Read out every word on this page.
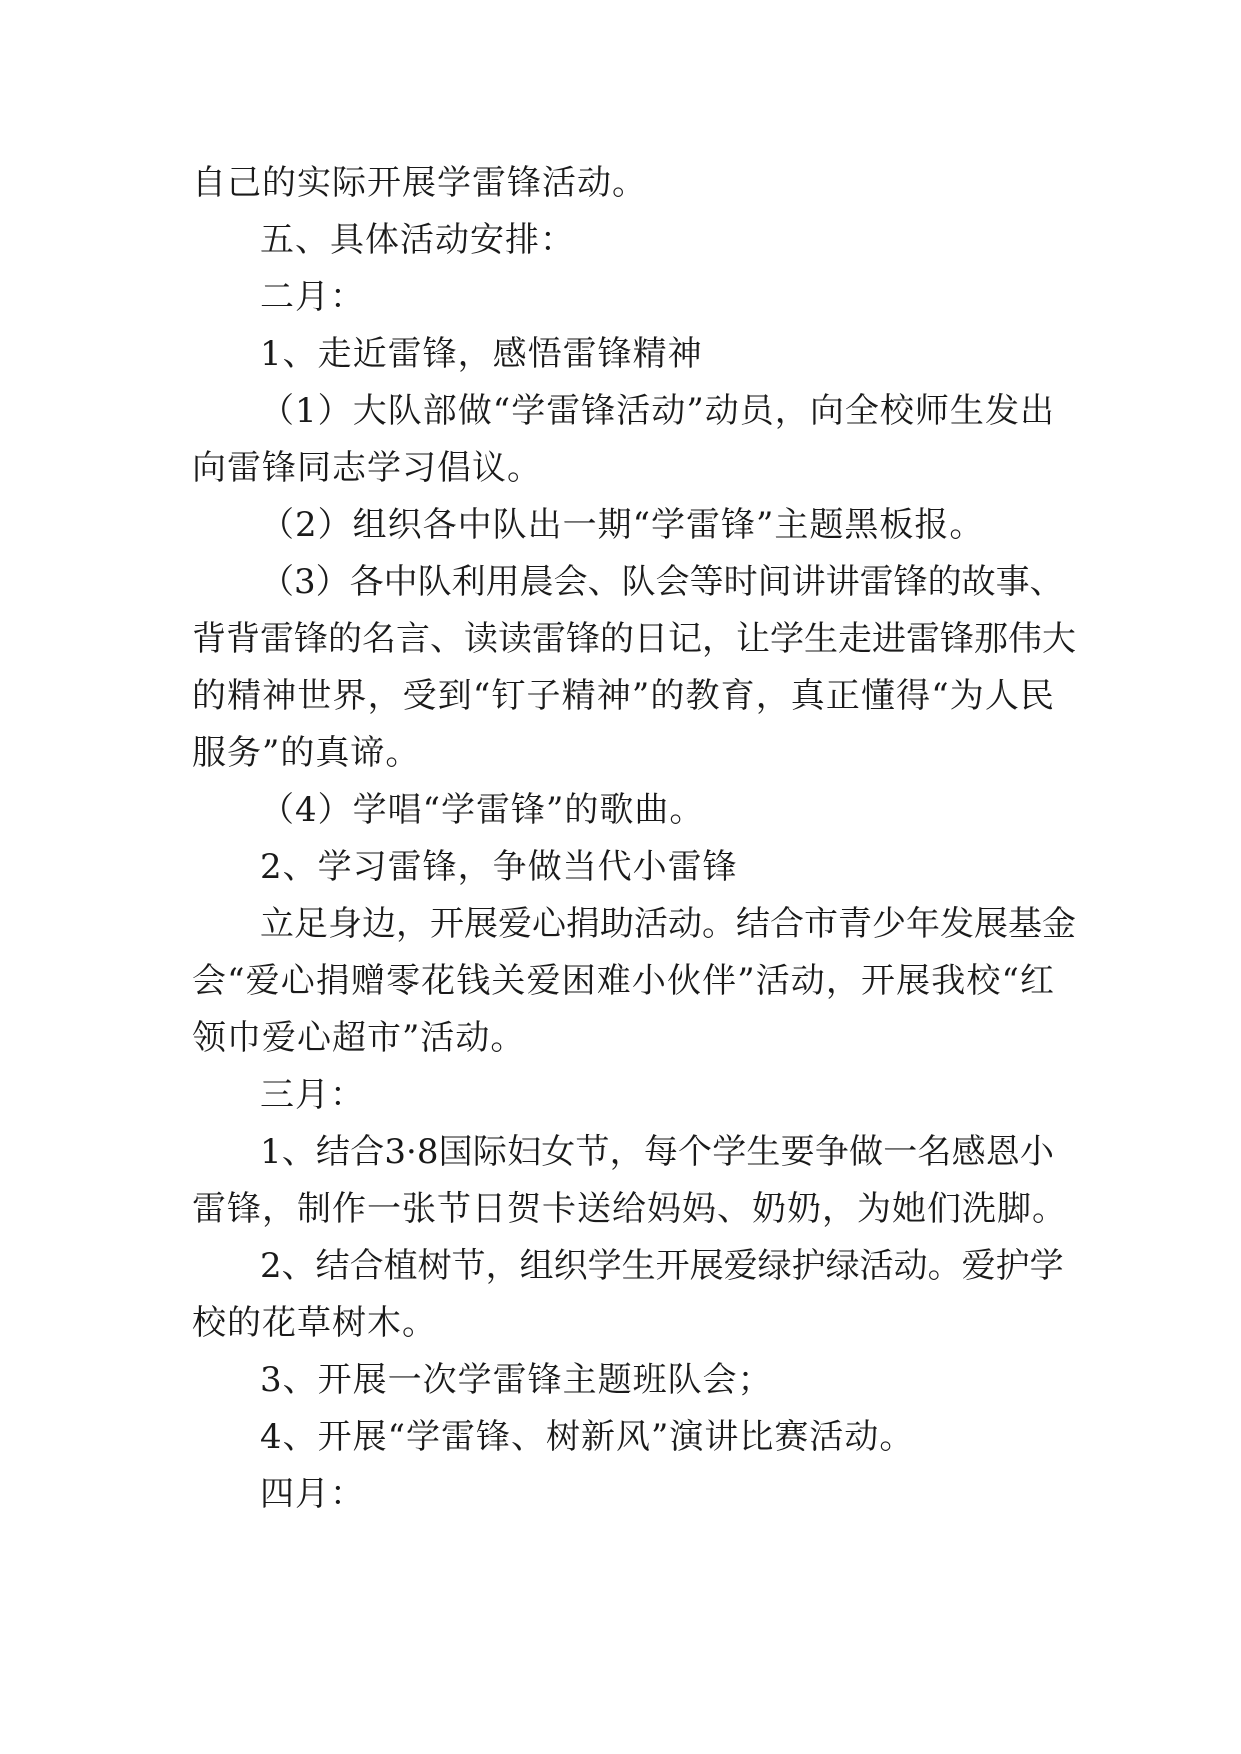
自己的实际开展学雷锋活动。
五、具体活动安排：
二月：
1、走近雷锋，感悟雷锋精神
（1）大队部做“学雷锋活动”动员，向全校师生发出
向雷锋同志学习倡议。
（2）组织各中队出一期“学雷锋”主题黑板报。
（3）各中队利用晨会、队会等时间讲讲雷锋的故事、
背背雷锋的名言、读读雷锋的日记，让学生走进雷锋那伟大
的精神世界，受到“钉子精神”的教育，真正懂得“为人民
服务”的真谛。
（4）学唱“学雷锋”的歌曲。
2、学习雷锋，争做当代小雷锋
立足身边，开展爱心捐助活动。结合市青少年发展基金
会“爱心捐赠零花钱关爱困难小伙伴”活动，开展我校“红
领巾爱心超市”活动。
三月：
1、结合3·8国际妇女节，每个学生要争做一名感恩小
雷锋，制作一张节日贺卡送给妈妈、奶奶，为她们洗脚。
2、结合植树节，组织学生开展爱绿护绿活动。爱护学
校的花草树木。
3、开展一次学雷锋主题班队会；
4、开展“学雷锋、树新风”演讲比赛活动。
四月：
